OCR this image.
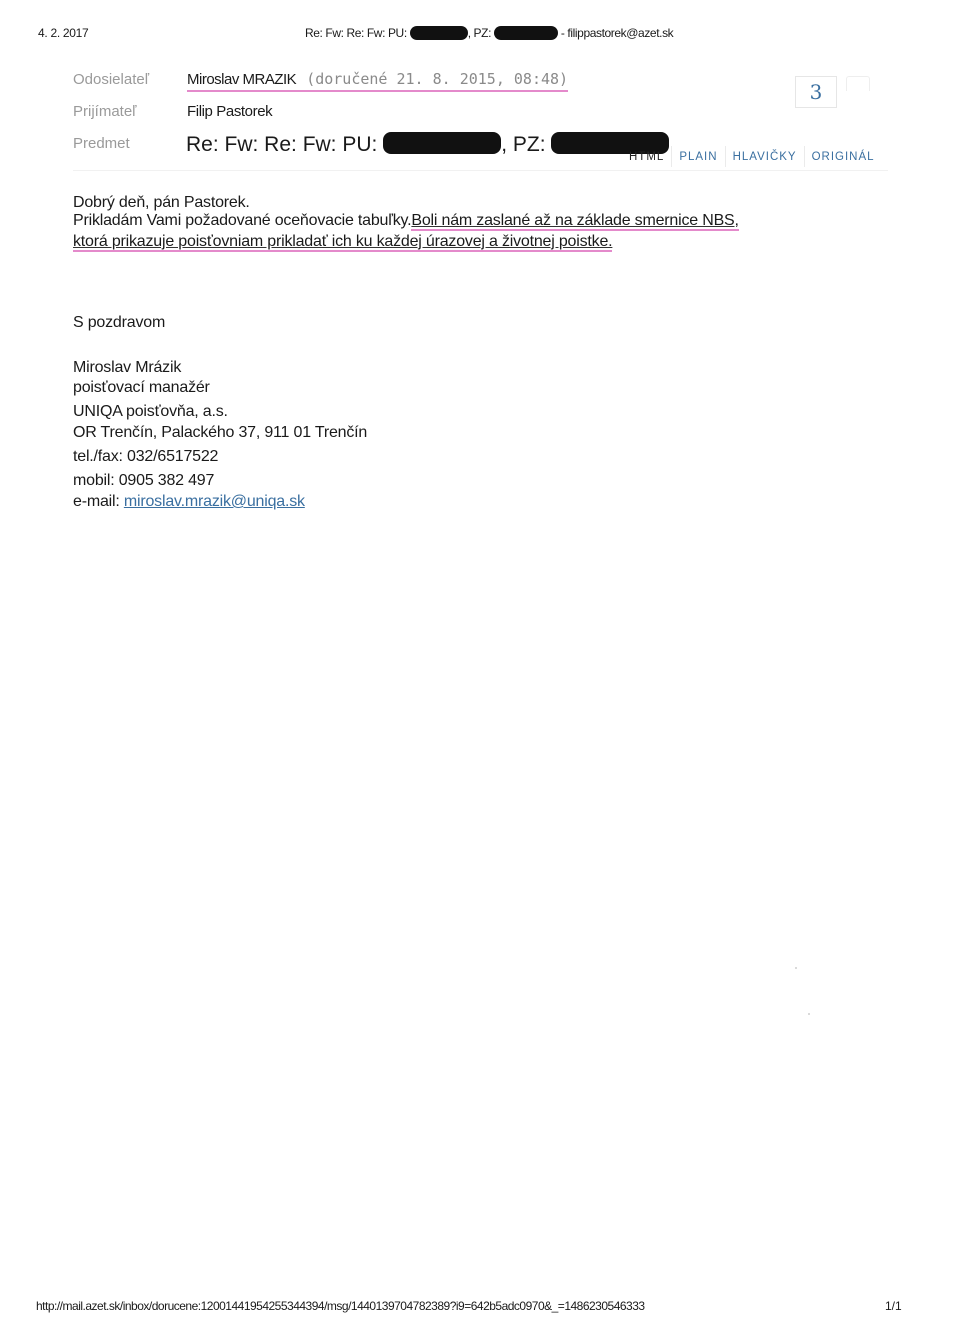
4. 2. 2017	Re: Fw: Re: Fw: PU:	, PZ:	- filippastorek@azet.sk
Odosielateľ	Miroslav MRAZIK (doručené 21. 8. 2015, 08:48)
Prijímateľ	Filip Pastorek
Predmet	Re: Fw: Re: Fw: PU:	, PZ:
3
HTML	PLAIN	HLAVIČKY	ORIGINÁL
Dobrý deň, pán Pastorek.
Prikladám Vami požadované oceňovacie tabuľky.Boli nám zaslané až na základe smernice NBS,
ktorá prikazuje poisťovniam prikladať ich ku každej úrazovej a životnej poistke.
S pozdravom
Miroslav Mrázik
poisťovací manažér
UNIQA poisťovňa, a.s.
OR Trenčín, Palackého 37, 911 01 Trenčín
tel./fax: 032/6517522
mobil: 0905 382 497
e-mail: miroslav.mrazik@uniqa.sk
http://mail.azet.sk/inbox/dorucene:1200144195425534439​4/msg/1440139704782389?i9=642b5adc0970&_=1486230546333	1/1
